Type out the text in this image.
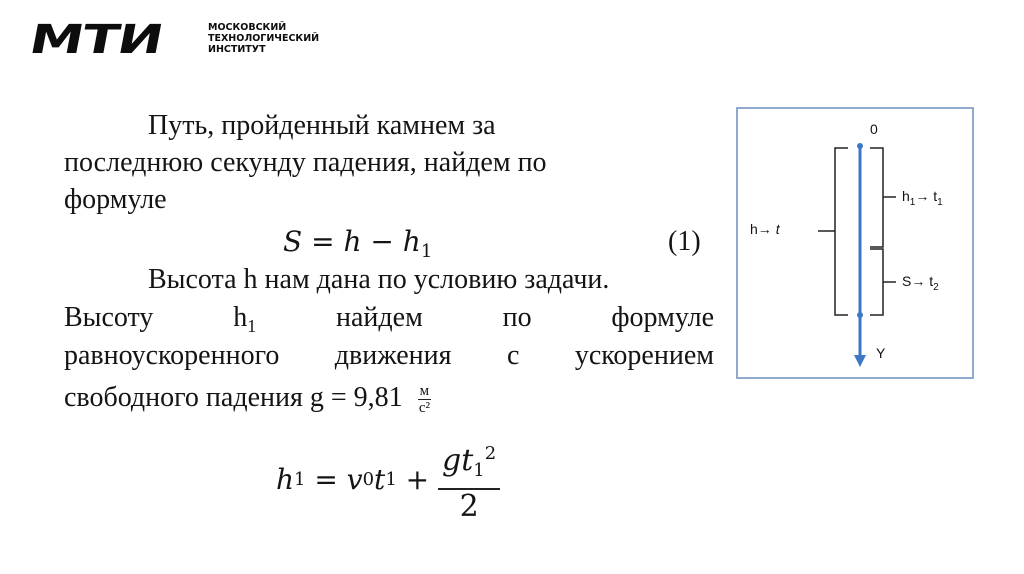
МТИ	МОСКОВСКИЙ
ТЕХНОЛОГИЧЕСКИЙ
ИНСТИТУТ
Путь, пройденный камнем за
последнюю секунду падения, найдем по
формуле
$S = h - h_1$	(1)
Высота h нам дана по условию задачи.
Высоту	$h_1$	найдем	по	формуле
равноускоренного движения с ускорением
свободного падения $g = 9,81 \frac{м}{\text{с²}}$
h 1 = v 0 t $1 + \frac{gt_1^2}{2}$
0
h→ t
$h_1\to t_1$
$S\to t_2$
Y
